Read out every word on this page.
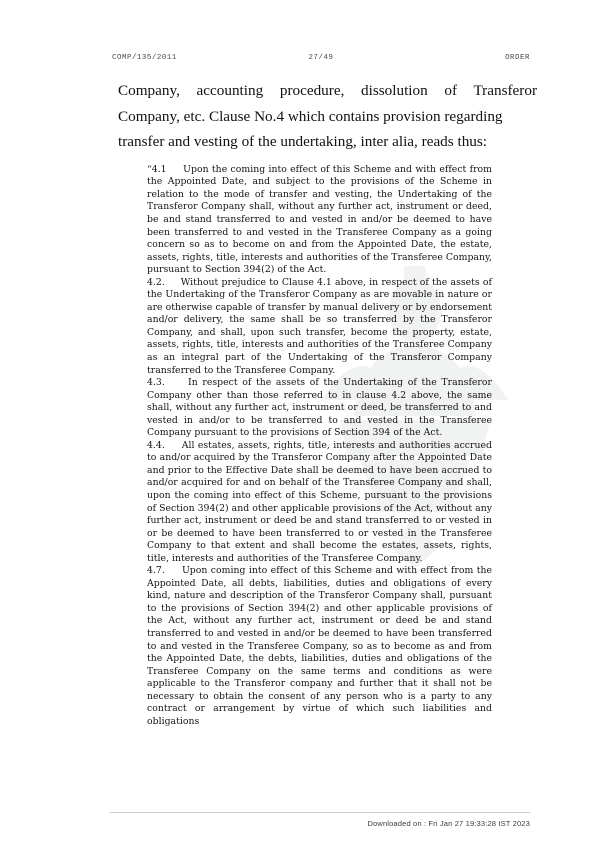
COMP/135/2011	27/49	ORDER

Company, accounting procedure, dissolution of Transferor Company, etc. Clause No.4 which contains provision regarding
transfer and vesting of the undertaking, inter alia, reads thus:

“4.1 Upon the coming into effect of this Scheme and with effect from the Appointed Date, and subject to the provisions of the Scheme in relation to the mode of transfer and vesting, the Undertaking of the Transferor Company shall, without any further act, instrument or deed, be and stand transferred to and vested in and/or be deemed to have been transferred to and vested in the Transferee Company as a going concern so as to become on and from the Appointed Date, the estate, assets, rights, title, interests and authorities of the Transferee Company, pursuant to Section 394(2) of the Act.

4.2. Without prejudice to Clause 4.1 above, in respect of the assets of the Undertaking of the Transferor Company as are movable in nature or are otherwise capable of transfer by manual delivery or by endorsement and/or delivery, the same shall be so transferred by the Transferor Company, and shall, upon such transfer, become the property, estate, assets, rights, title, interests and authorities of the Transferee Company as an integral part of the Undertaking of the Transferor Company transferred to the Transferee Company.

4.3. In respect of the assets of the Undertaking of the Transferor Company other than those referred to in clause 4.2 above, the same shall, without any further act, instrument or deed, be transferred to and vested in and/or to be transferred to and vested in the Transferee Company pursuant to the provisions of Section 394 of the Act.

4.4. All estates, assets, rights, title, interests and authorities accrued to and/or acquired by the Transferor Company after the Appointed Date and prior to the Effective Date shall be deemed to have been accrued to and/or acquired for and on behalf of the Transferee Company and shall, upon the coming into effect of this Scheme, pursuant to the provisions of Section 394(2) and other applicable provisions of the Act, without any further act, instrument or deed be and stand transferred to or vested in or be deemed to have been transferred to or vested in the Transferee Company to that extent and shall become the estates, assets, rights, title, interests and authorities of the Transferee Company.

4.7. Upon coming into effect of this Scheme and with effect from the Appointed Date, all debts, liabilities, duties and obligations of every kind, nature and description of the Transferor Company shall, pursuant to the provisions of Section 394(2) and other applicable provisions of the Act, without any further act, instrument or deed be and stand transferred to and vested in and/or be deemed to have been transferred to and vested in the Transferee Company, so as to become as and from the Appointed Date, the debts, liabilities, duties and obligations of the Transferee Company on the same terms and conditions as were applicable to the Transferor company and further that it shall not be necessary to obtain the consent of any person who is a party to any contract or arrangement by virtue of which such liabilities and obligations

Downloaded on : Fri Jan 27 19:33:28 IST 2023
